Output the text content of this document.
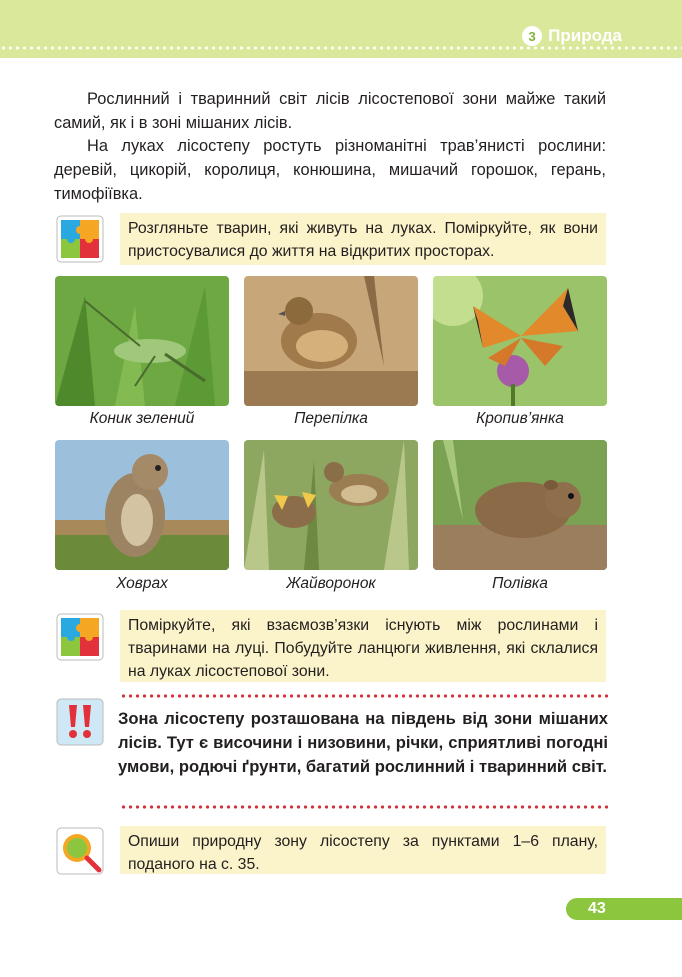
3 Природа

Рослинний і тваринний світ лісів лісостепової зони майже такий самий, як і в зоні мішаних лісів.

На луках лісостепу ростуть різноманітні трав’янисті рослини: деревій, цикорій, королиця, конюшина, мишачий горошок, герань, тимофіївка.

Розгляньте тварин, які живуть на луках. Поміркуйте, як вони пристосувалися до життя на відкритих просторах.
Коник зелений	Перепілка	Кропив’янка
Ховрах	Жайворонок	Полівка
Поміркуйте, які взаємозв’язки існують між рослинами і тваринами на луці. Побудуйте ланцюги живлення, які склалися на луках лісостепової зони.

Зона лісостепу розташована на південь від зони мішаних лісів. Тут є височини і низовини, річки, сприятливі погодні умови, родючі ґрунти, багатий рослинний і тваринний світ.

Опиши природну зону лісостепу за пунктами 1–6 плану, поданого на с. 35.
43
